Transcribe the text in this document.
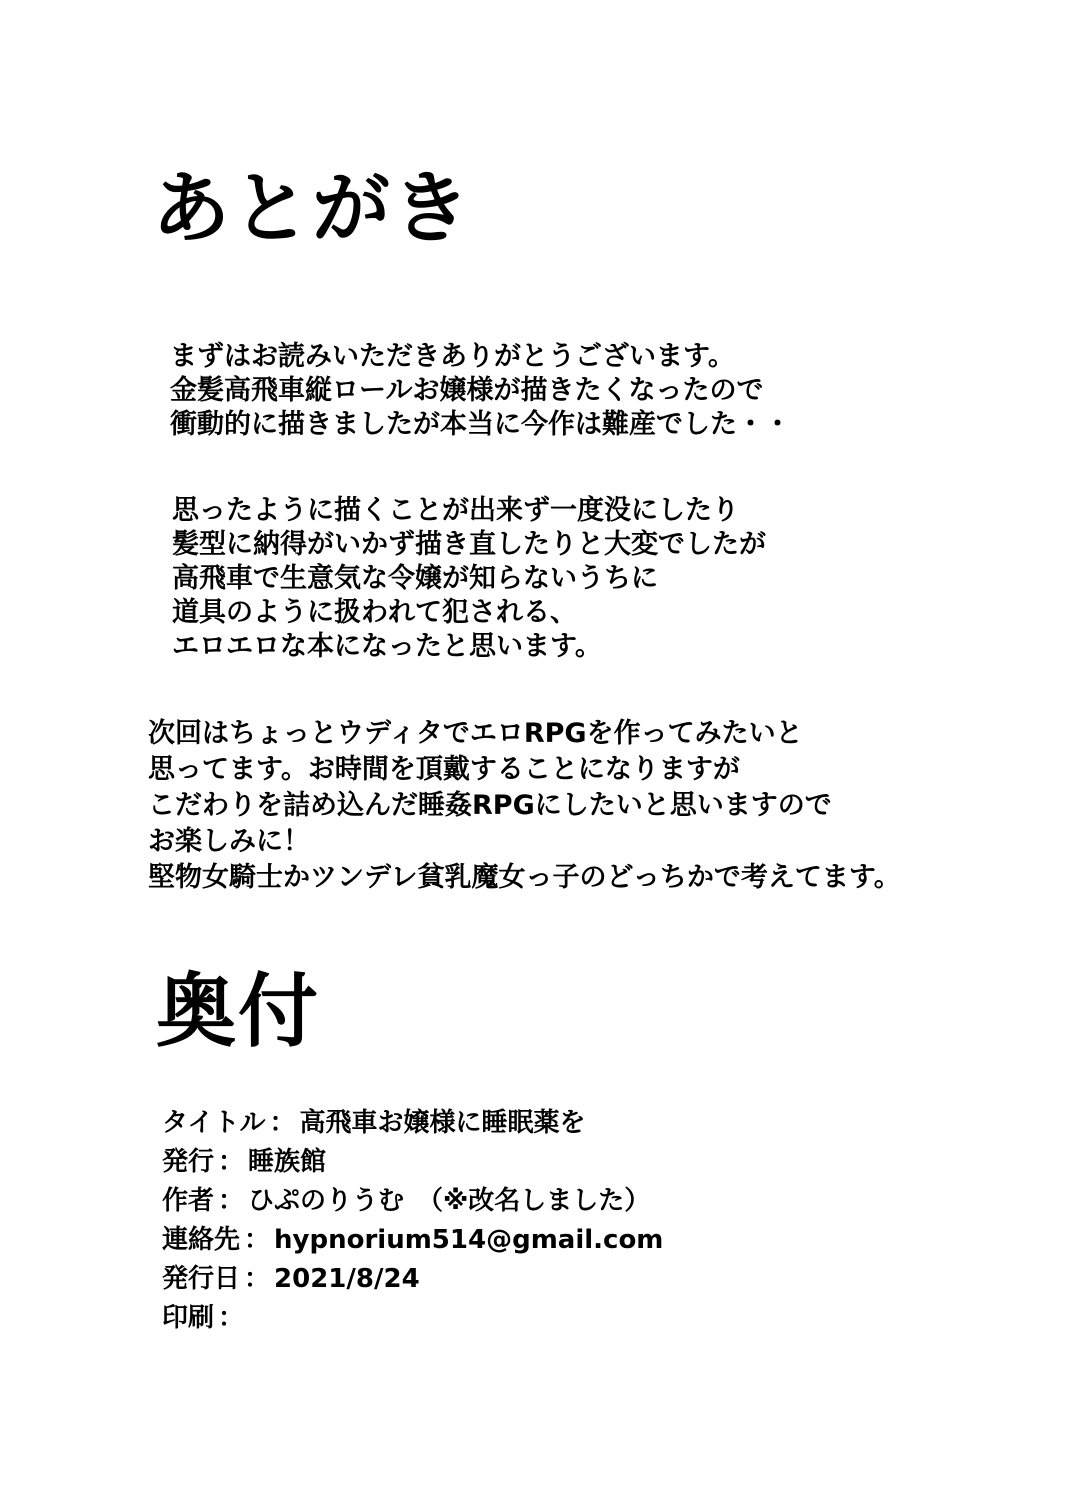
あとがき
まずはお読みいただきありがとうございます。
金髪高飛車縦ロールお嬢様が描きたくなったので
衝動的に描きましたが本当に今作は難産でした・・
思ったように描くことが出来ず一度没にしたり
髪型に納得がいかず描き直したりと大変でしたが
高飛車で生意気な令嬢が知らないうちに
道具のように扱われて犯される、
エロエロな本になったと思います。
次回はちょっとウディタでエロRPGを作ってみたいと
思ってます。お時間を頂戴することになりますが
こだわりを詰め込んだ睡姦RPGにしたいと思いますので
お楽しみに！
堅物女騎士かツンデレ貧乳魔女っ子のどっちかで考えてます。
奥付
タイトル ： 高飛車お嬢様に睡眠薬を
発行 ： 睡族館
作者 ： ひぷのりうむ　（※改名しました）
連絡先 ： hypnorium514@gmail.com
発行日 ： 2021/8/24
印刷 ：
